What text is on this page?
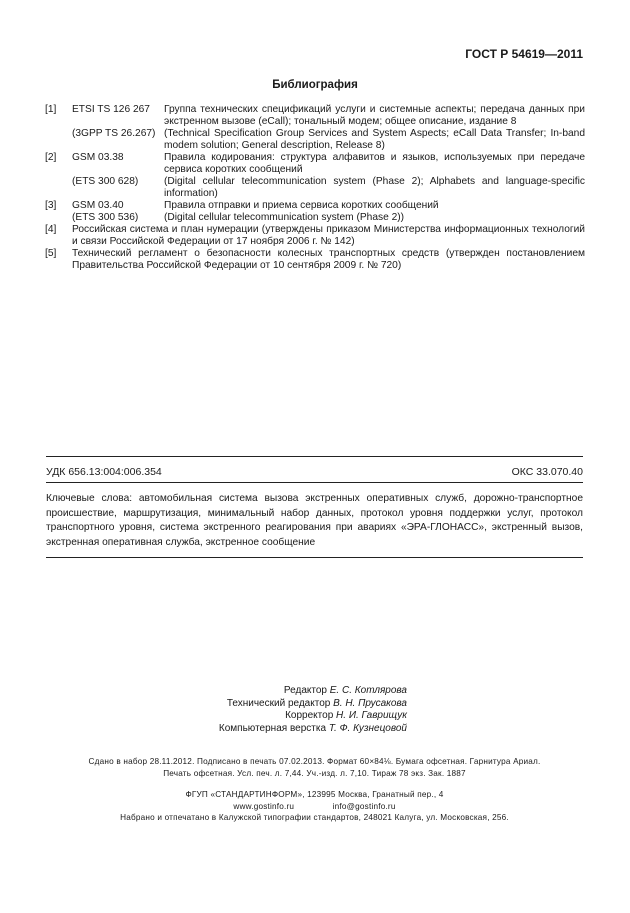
ГОСТ Р 54619—2011
Библиография
[1]	ETSI TS 126 267	Группа технических спецификаций услуги и системные аспекты; передача данных при экстренном вызове (eCall); тональный модем; общее описание, издание 8
(3GPP TS 26.267) (Technical Specification Group Services and System Aspects; eCall Data Transfer; In-band modem solution; General description, Release 8)
[2]	GSM 03.38	Правила кодирования: структура алфавитов и языков, используемых при передаче сервиса коротких сообщений
(ETS 300 628)	(Digital cellular telecommunication system (Phase 2); Alphabets and language-specific information)
[3]	GSM 03.40	Правила отправки и приема сервиса коротких сообщений
(ETS 300 536)	(Digital cellular telecommunication system (Phase 2))
[4]	Российская система и план нумерации (утверждены приказом Министерства информационных технологий и связи Российской Федерации от 17 ноября 2006 г. № 142)
[5]	Технический регламент о безопасности колесных транспортных средств (утвержден постановлением Правительства Российской Федерации от 10 сентября 2009 г. № 720)
УДК 656.13:004:006.354	ОКС 33.070.40
Ключевые слова: автомобильная система вызова экстренных оперативных служб, дорожно-транспортное происшествие, маршрутизация, минимальный набор данных, протокол уровня поддержки услуг, протокол транспортного уровня, система экстренного реагирования при авариях «ЭРА-ГЛОНАСС», экстренный вызов, экстренная оперативная служба, экстренное сообщение
Редактор Е. С. Котлярова
Технический редактор В. Н. Прусакова
Корректор Н. И. Гаврищук
Компьютерная верстка Т. Ф. Кузнецовой
Сдано в набор 28.11.2012. Подписано в печать 07.02.2013. Формат 60×84⅛. Бумага офсетная. Гарнитура Ариал.
Печать офсетная. Усл. печ. л. 7,44. Уч.-изд. л. 7,10. Тираж 78 экз. Зак. 1887
ФГУП «СТАНДАРТИНФОРМ», 123995 Москва, Гранатный пер., 4
www.gostinfo.ru	info@gostinfo.ru
Набрано и отпечатано в Калужской типографии стандартов, 248021 Калуга, ул. Московская, 256.
